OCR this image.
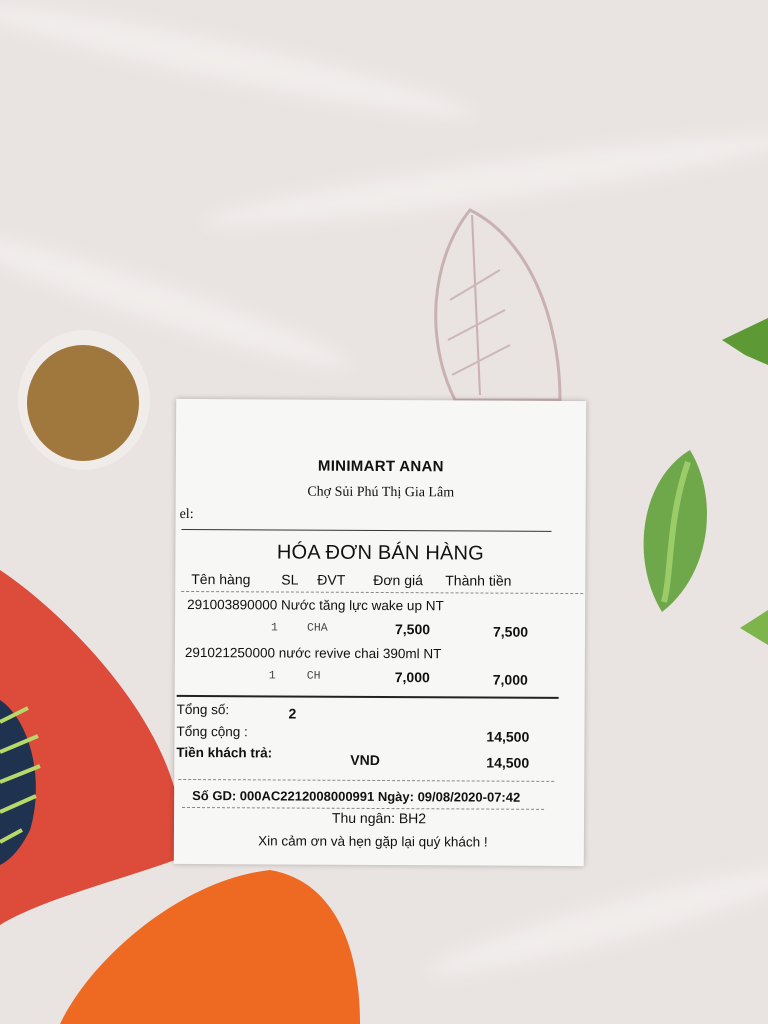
MINIMART ANAN
Chợ Sủi Phú Thị Gia Lâm
el:
HÓA ĐƠN BÁN HÀNG
Tên hàng SL ĐVT Đơn giá Thành tiền
291003890000 Nước tăng lực wake up NT
1	CHA	7,500	7,500
291021250000 nước revive chai 390ml NT
1	CH	7,000	7,000
Tổng số:	2
Tổng cộng :	14,500
Tiền khách trả:	VND	14,500
Số GD: 000AC2212008000991 Ngày: 09/08/2020-07:42
Thu ngân: BH2
Xin cảm ơn và hẹn gặp lại quý khách !
